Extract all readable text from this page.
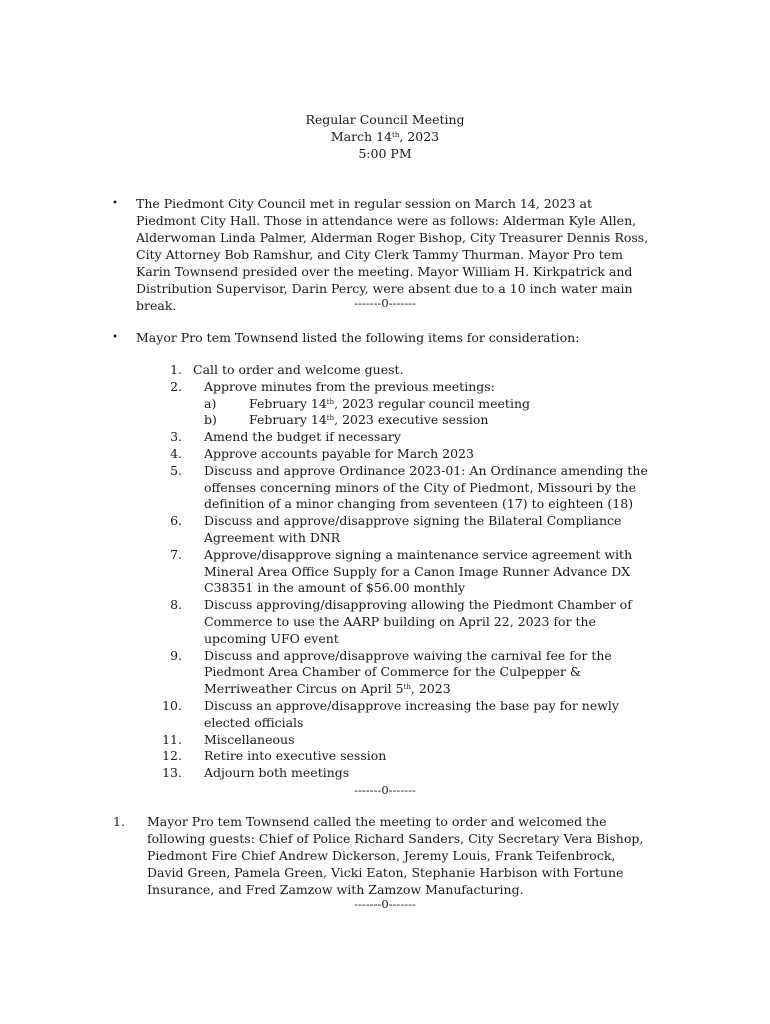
Regular Council Meeting
March 14th, 2023
5:00 PM
• The Piedmont City Council met in regular session on March 14, 2023 at Piedmont City Hall. Those in attendance were as follows: Alderman Kyle Allen, Alderwoman Linda Palmer, Alderman Roger Bishop, City Treasurer Dennis Ross, City Attorney Bob Ramshur, and City Clerk Tammy Thurman. Mayor Pro tem Karin Townsend presided over the meeting. Mayor William H. Kirkpatrick and Distribution Supervisor, Darin Percy, were absent due to a 10 inch water main break.	-------0-------
• Mayor Pro tem Townsend listed the following items for consideration:
1. Call to order and welcome guest.
2. Approve minutes from the previous meetings:
a)	February 14th, 2023 regular council meeting
b)	February 14th, 2023 executive session
3. Amend the budget if necessary
4. Approve accounts payable for March 2023
5. Discuss and approve Ordinance 2023-01: An Ordinance amending the offenses concerning minors of the City of Piedmont, Missouri by the definition of a minor changing from seventeen (17) to eighteen (18)
6. Discuss and approve/disapprove signing the Bilateral Compliance Agreement with DNR
7. Approve/disapprove signing a maintenance service agreement with Mineral Area Office Supply for a Canon Image Runner Advance DX C38351 in the amount of $56.00 monthly
8. Discuss approving/disapproving allowing the Piedmont Chamber of Commerce to use the AARP building on April 22, 2023 for the upcoming UFO event
9. Discuss and approve/disapprove waiving the carnival fee for the Piedmont Area Chamber of Commerce for the Culpepper & Merriweather Circus on April 5th, 2023
10. Discuss an approve/disapprove increasing the base pay for newly elected officials
11. Miscellaneous
12. Retire into executive session
13. Adjourn both meetings
-------0-------
1. Mayor Pro tem Townsend called the meeting to order and welcomed the following guests: Chief of Police Richard Sanders, City Secretary Vera Bishop, Piedmont Fire Chief Andrew Dickerson, Jeremy Louis, Frank Teifenbrock, David Green, Pamela Green, Vicki Eaton, Stephanie Harbison with Fortune Insurance, and Fred Zamzow with Zamzow Manufacturing.
-------0-------
